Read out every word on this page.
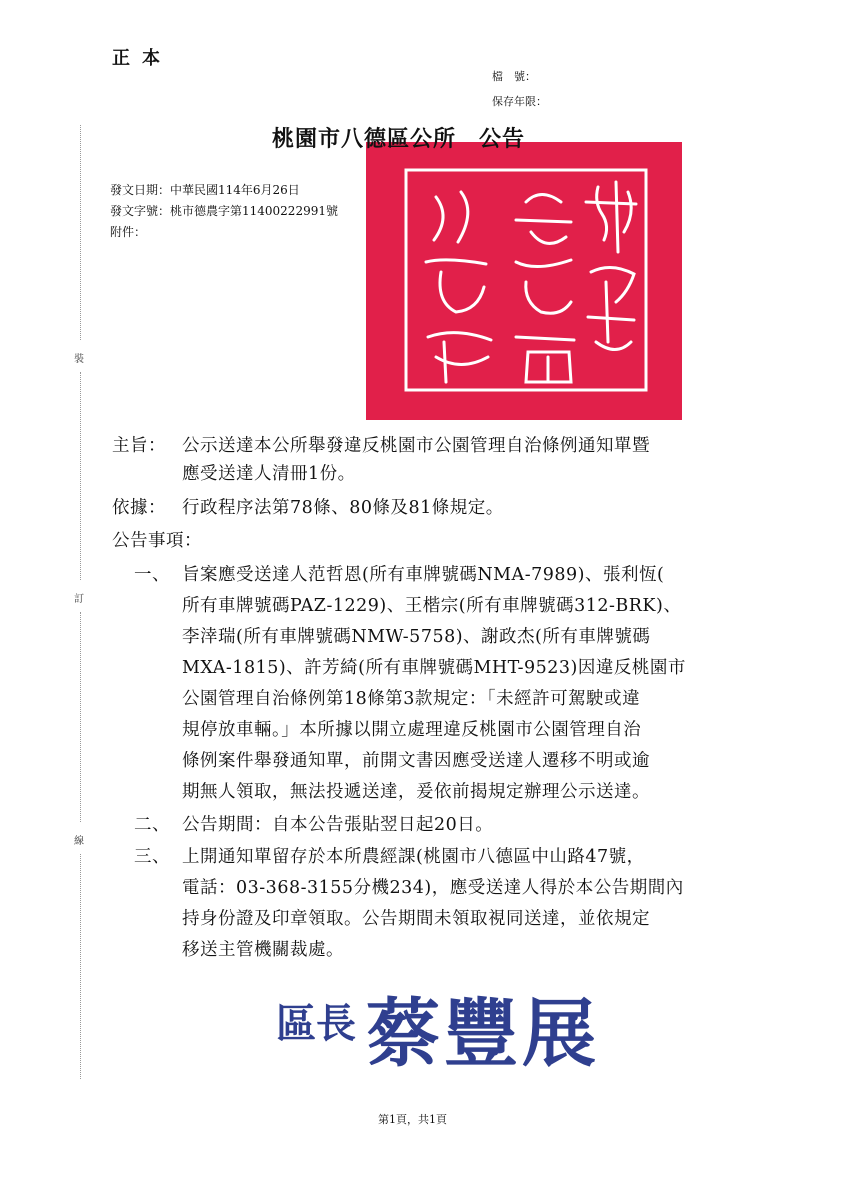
正本
檔　號：
保存年限：
桃園市八德區公所　公告
發文日期：中華民國114年6月26日
發文字號：桃市德農字第11400222991號
附件：
裝
訂
線
主旨： 公示送達本公所舉發違反桃園市公園管理自治條例通知單暨
應受送達人清冊1份。
依據： 行政程序法第78條、80條及81條規定。
公告事項：
一、 旨案應受送達人范哲恩(所有車牌號碼NMA-7989)、張利恆(
所有車牌號碼PAZ-1229)、王楷宗(所有車牌號碼312-BRK)、
李涬瑞(所有車牌號碼NMW-5758)、謝政杰(所有車牌號碼
MXA-1815)、許芳綺(所有車牌號碼MHT-9523)因違反桃園市
公園管理自治條例第18條第3款規定：「未經許可駕駛或違
規停放車輛。」本所據以開立處理違反桃園市公園管理自治
條例案件舉發通知單，前開文書因應受送達人遷移不明或逾
期無人領取，無法投遞送達，爰依前揭規定辦理公示送達。
二、 公告期間：自本公告張貼翌日起20日。
三、 上開通知單留存於本所農經課(桃園市八德區中山路47號，
電話：03-368-3155分機234)，應受送達人得於本公告期間內
持身份證及印章領取。公告期間未領取視同送達，並依規定
移送主管機關裁處。
區長 蔡豐展
第1頁，共1頁
